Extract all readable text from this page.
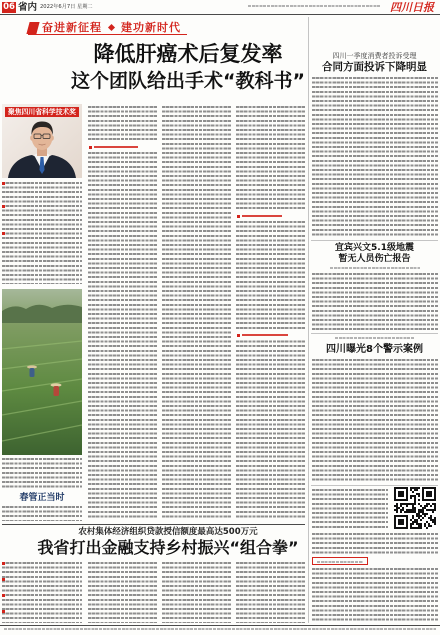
06 省内 2022年6月7日 星期二	四川日报
奋进新征程 建功新时代
降低肝癌术后复发率
这个团队给出手术“教科书”
聚焦四川省科学技术奖
春管正当时
农村集体经济组织贷款授信额度最高达500万元
我省打出金融支持乡村振兴“组合拳”
四川一季度消费者投诉受理
合同方面投诉下降明显
宜宾兴文5.1级地震
暂无人员伤亡报告
四川曝光8个警示案例
